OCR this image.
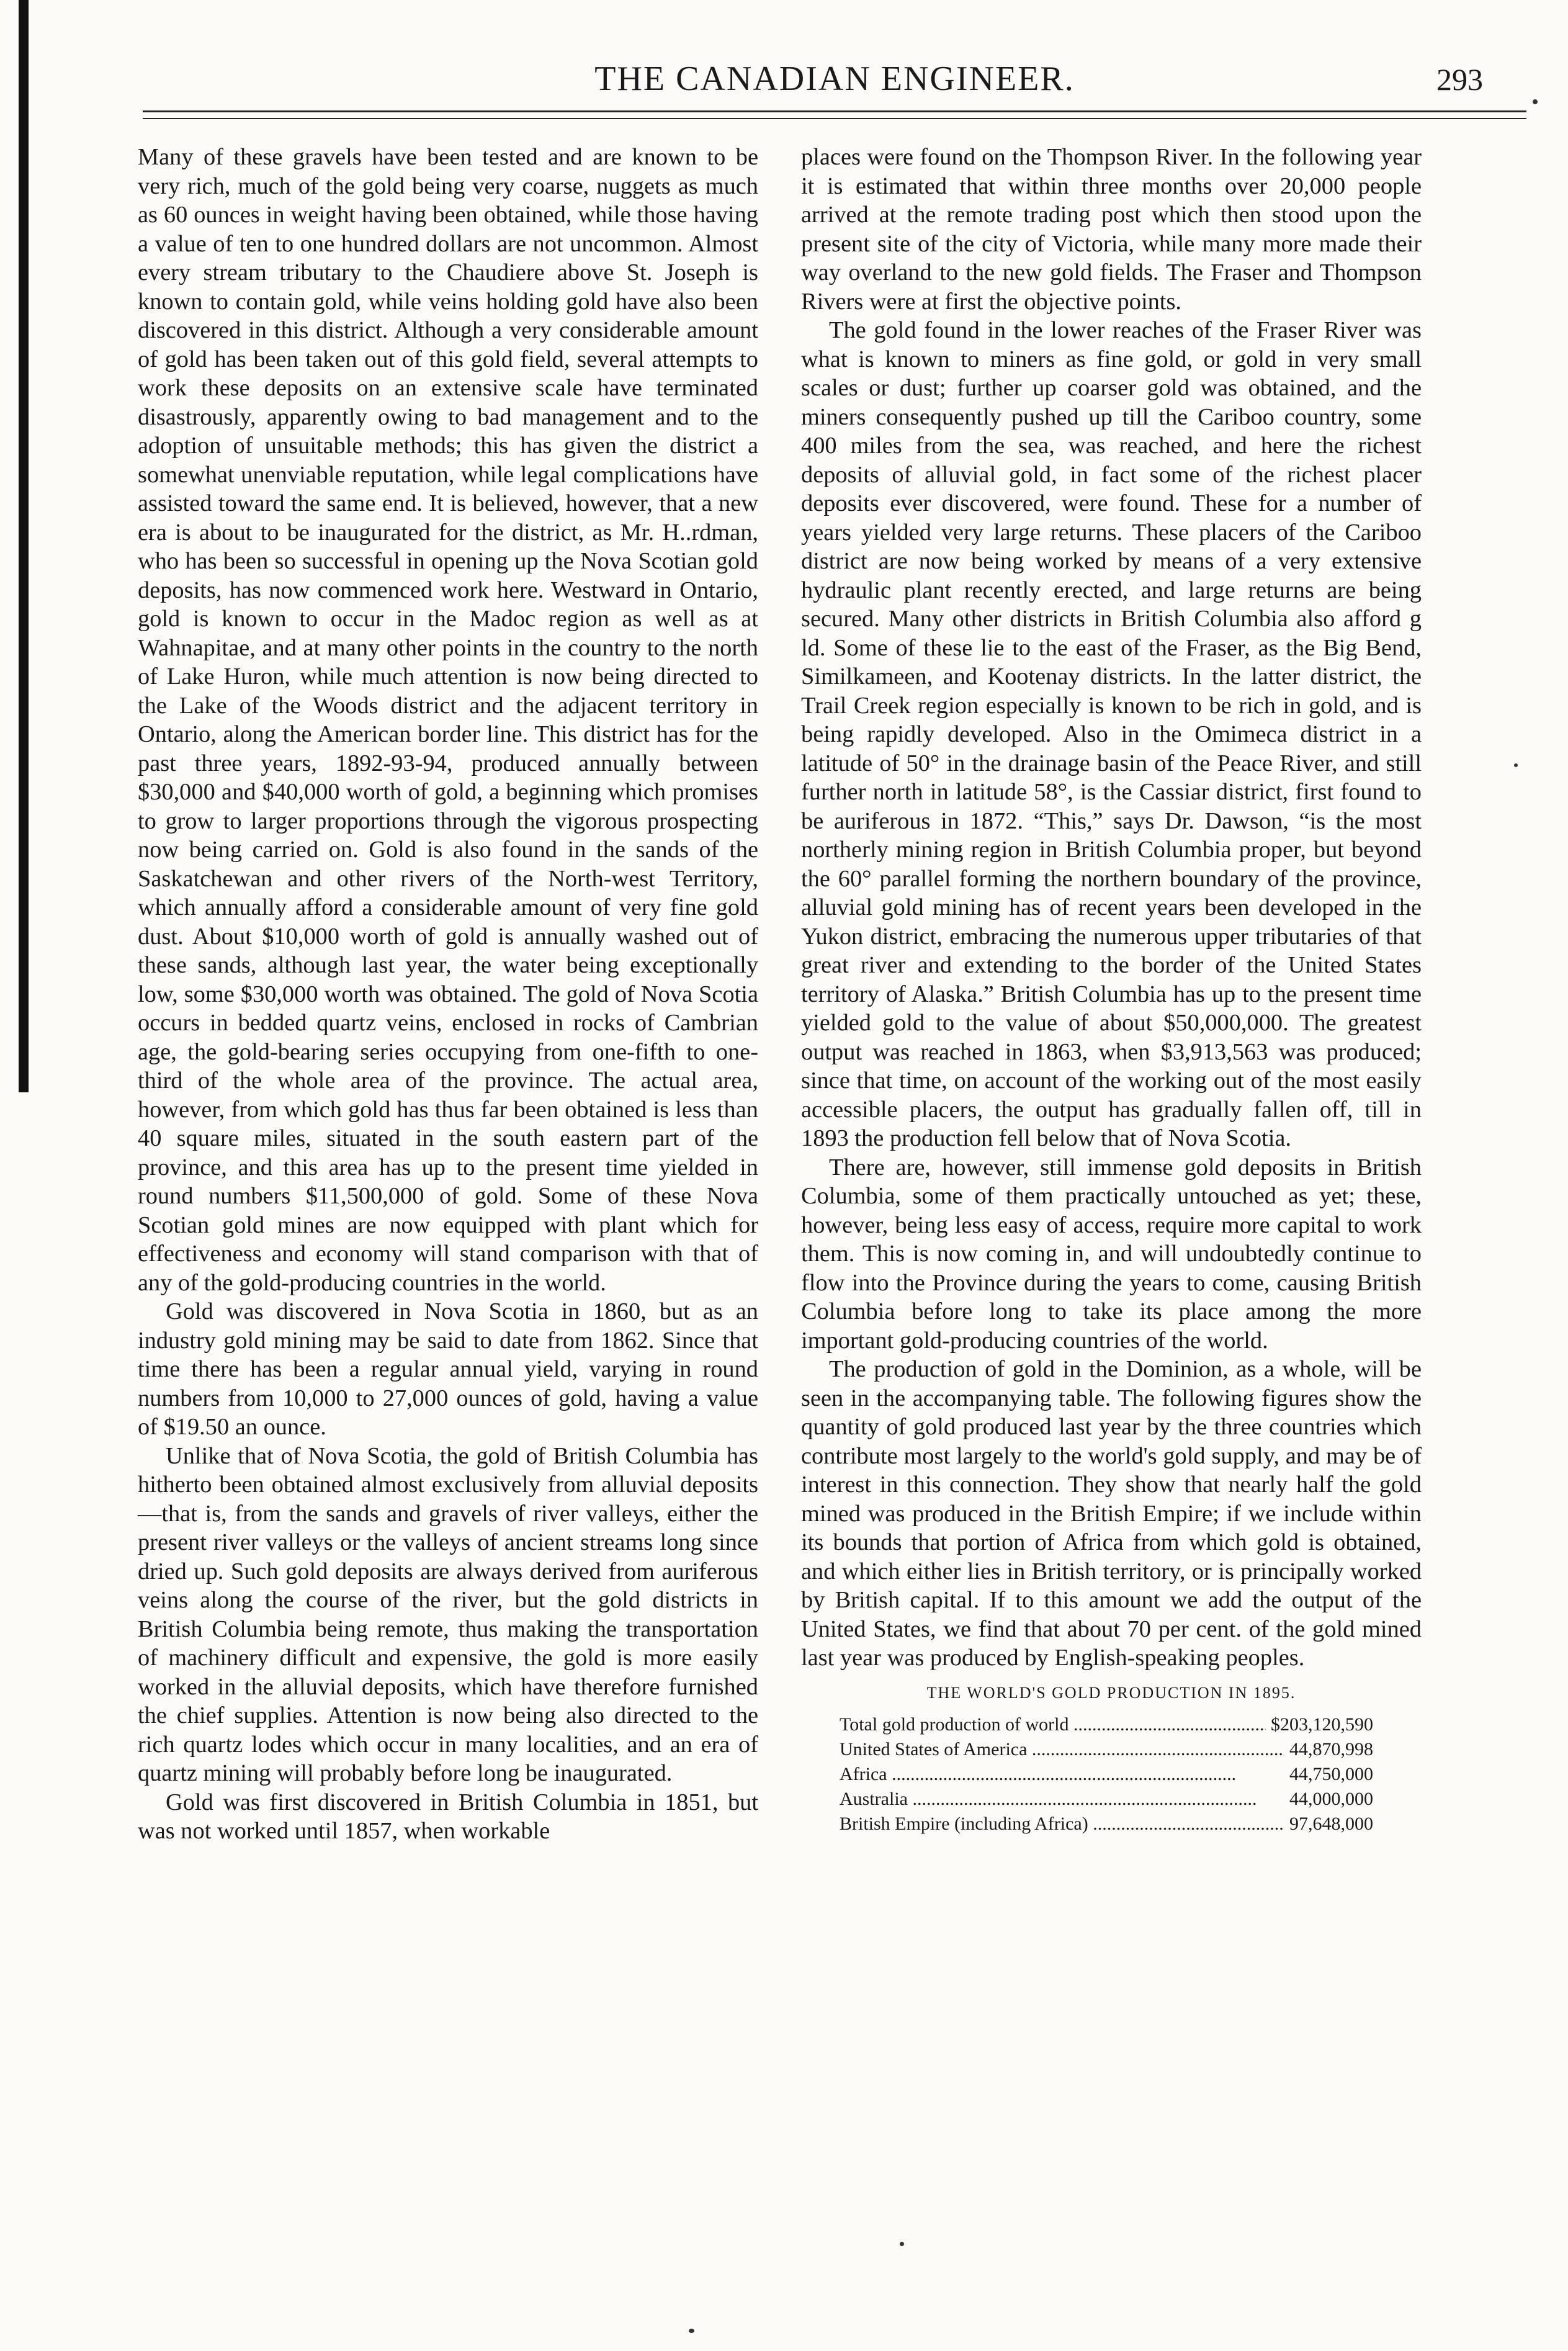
THE CANADIAN ENGINEER.	293

Many of these gravels have been tested and are known to be very rich, much of the gold being very coarse, nuggets as much as 60 ounces in weight having been obtained, while those having a value of ten to one hundred dollars are not uncommon. Almost every stream tributary to the Chaudiere above St. Joseph is known to contain gold, while veins holding gold have also been discovered in this district. Although a very considerable amount of gold has been taken out of this gold field, several attempts to work these deposits on an extensive scale have terminated disastrously, apparently owing to bad management and to the adoption of unsuitable methods; this has given the district a somewhat unenviable reputation, while legal complications have assisted toward the same end. It is believed, however, that a new era is about to be inaugurated for the district, as Mr. H..rdman, who has been so successful in opening up the Nova Scotian gold deposits, has now commenced work here. Westward in Ontario, gold is known to occur in the Madoc region as well as at Wahnapitae, and at many other points in the country to the north of Lake Huron, while much attention is now being directed to the Lake of the Woods district and the adjacent territory in Ontario, along the American border line. This district has for the past three years, 1892-93-94, produced annually between $30,000 and $40,000 worth of gold, a beginning which promises to grow to larger proportions through the vigorous prospecting now being carried on. Gold is also found in the sands of the Saskatchewan and other rivers of the North-west Territory, which annually afford a considerable amount of very fine gold dust. About $10,000 worth of gold is annually washed out of these sands, although last year, the water being exceptionally low, some $30,000 worth was obtained. The gold of Nova Scotia occurs in bedded quartz veins, enclosed in rocks of Cambrian age, the gold-bearing series occupying from one-fifth to one-third of the whole area of the province. The actual area, however, from which gold has thus far been obtained is less than 40 square miles, situated in the south eastern part of the province, and this area has up to the present time yielded in round numbers $11,500,000 of gold. Some of these Nova Scotian gold mines are now equipped with plant which for effectiveness and economy will stand comparison with that of any of the gold-producing countries in the world.

Gold was discovered in Nova Scotia in 1860, but as an industry gold mining may be said to date from 1862. Since that time there has been a regular annual yield, varying in round numbers from 10,000 to 27,000 ounces of gold, having a value of $19.50 an ounce.

Unlike that of Nova Scotia, the gold of British Columbia has hitherto been obtained almost exclusively from alluvial deposits—that is, from the sands and gravels of river valleys, either the present river valleys or the valleys of ancient streams long since dried up. Such gold deposits are always derived from auriferous veins along the course of the river, but the gold districts in British Columbia being remote, thus making the transportation of machinery difficult and expensive, the gold is more easily worked in the alluvial deposits, which have therefore furnished the chief supplies. Attention is now being also directed to the rich quartz lodes which occur in many localities, and an era of quartz mining will probably before long be inaugurated.

Gold was first discovered in British Columbia in 1851, but was not worked until 1857, when workable

places were found on the Thompson River. In the following year it is estimated that within three months over 20,000 people arrived at the remote trading post which then stood upon the present site of the city of Victoria, while many more made their way overland to the new gold fields. The Fraser and Thompson Rivers were at first the objective points.

The gold found in the lower reaches of the Fraser River was what is known to miners as fine gold, or gold in very small scales or dust; further up coarser gold was obtained, and the miners consequently pushed up till the Cariboo country, some 400 miles from the sea, was reached, and here the richest deposits of alluvial gold, in fact some of the richest placer deposits ever discovered, were found. These for a number of years yielded very large returns. These placers of the Cariboo district are now being worked by means of a very extensive hydraulic plant recently erected, and large returns are being secured. Many other districts in British Columbia also afford g ld. Some of these lie to the east of the Fraser, as the Big Bend, Similkameen, and Kootenay districts. In the latter district, the Trail Creek region especially is known to be rich in gold, and is being rapidly developed. Also in the Omimeca district in a latitude of 50° in the drainage basin of the Peace River, and still further north in latitude 58°, is the Cassiar district, first found to be auriferous in 1872. “This,” says Dr. Dawson, “is the most northerly mining region in British Columbia proper, but beyond the 60° parallel forming the northern boundary of the province, alluvial gold mining has of recent years been developed in the Yukon district, embracing the numerous upper tributaries of that great river and extending to the border of the United States territory of Alaska.” British Columbia has up to the present time yielded gold to the value of about $50,000,000. The greatest output was reached in 1863, when $3,913,563 was produced; since that time, on account of the working out of the most easily accessible placers, the output has gradually fallen off, till in 1893 the production fell below that of Nova Scotia.

There are, however, still immense gold deposits in British Columbia, some of them practically untouched as yet; these, however, being less easy of access, require more capital to work them. This is now coming in, and will undoubtedly continue to flow into the Province during the years to come, causing British Columbia before long to take its place among the more important gold-producing countries of the world.

The production of gold in the Dominion, as a whole, will be seen in the accompanying table. The following figures show the quantity of gold produced last year by the three countries which contribute most largely to the world's gold supply, and may be of interest in this connection. They show that nearly half the gold mined was produced in the British Empire; if we include within its bounds that portion of Africa from which gold is obtained, and which either lies in British territory, or is principally worked by British capital. If to this amount we add the output of the United States, we find that about 70 per cent. of the gold mined last year was produced by English-speaking peoples.

THE WORLD'S GOLD PRODUCTION IN 1895.
Total gold production of world .....	$203,120,590
United States of America .....	44,870,998
Africa .....	44,750,000
Australia .....	44,000,000
British Empire (including Africa) .....	97,648,000
